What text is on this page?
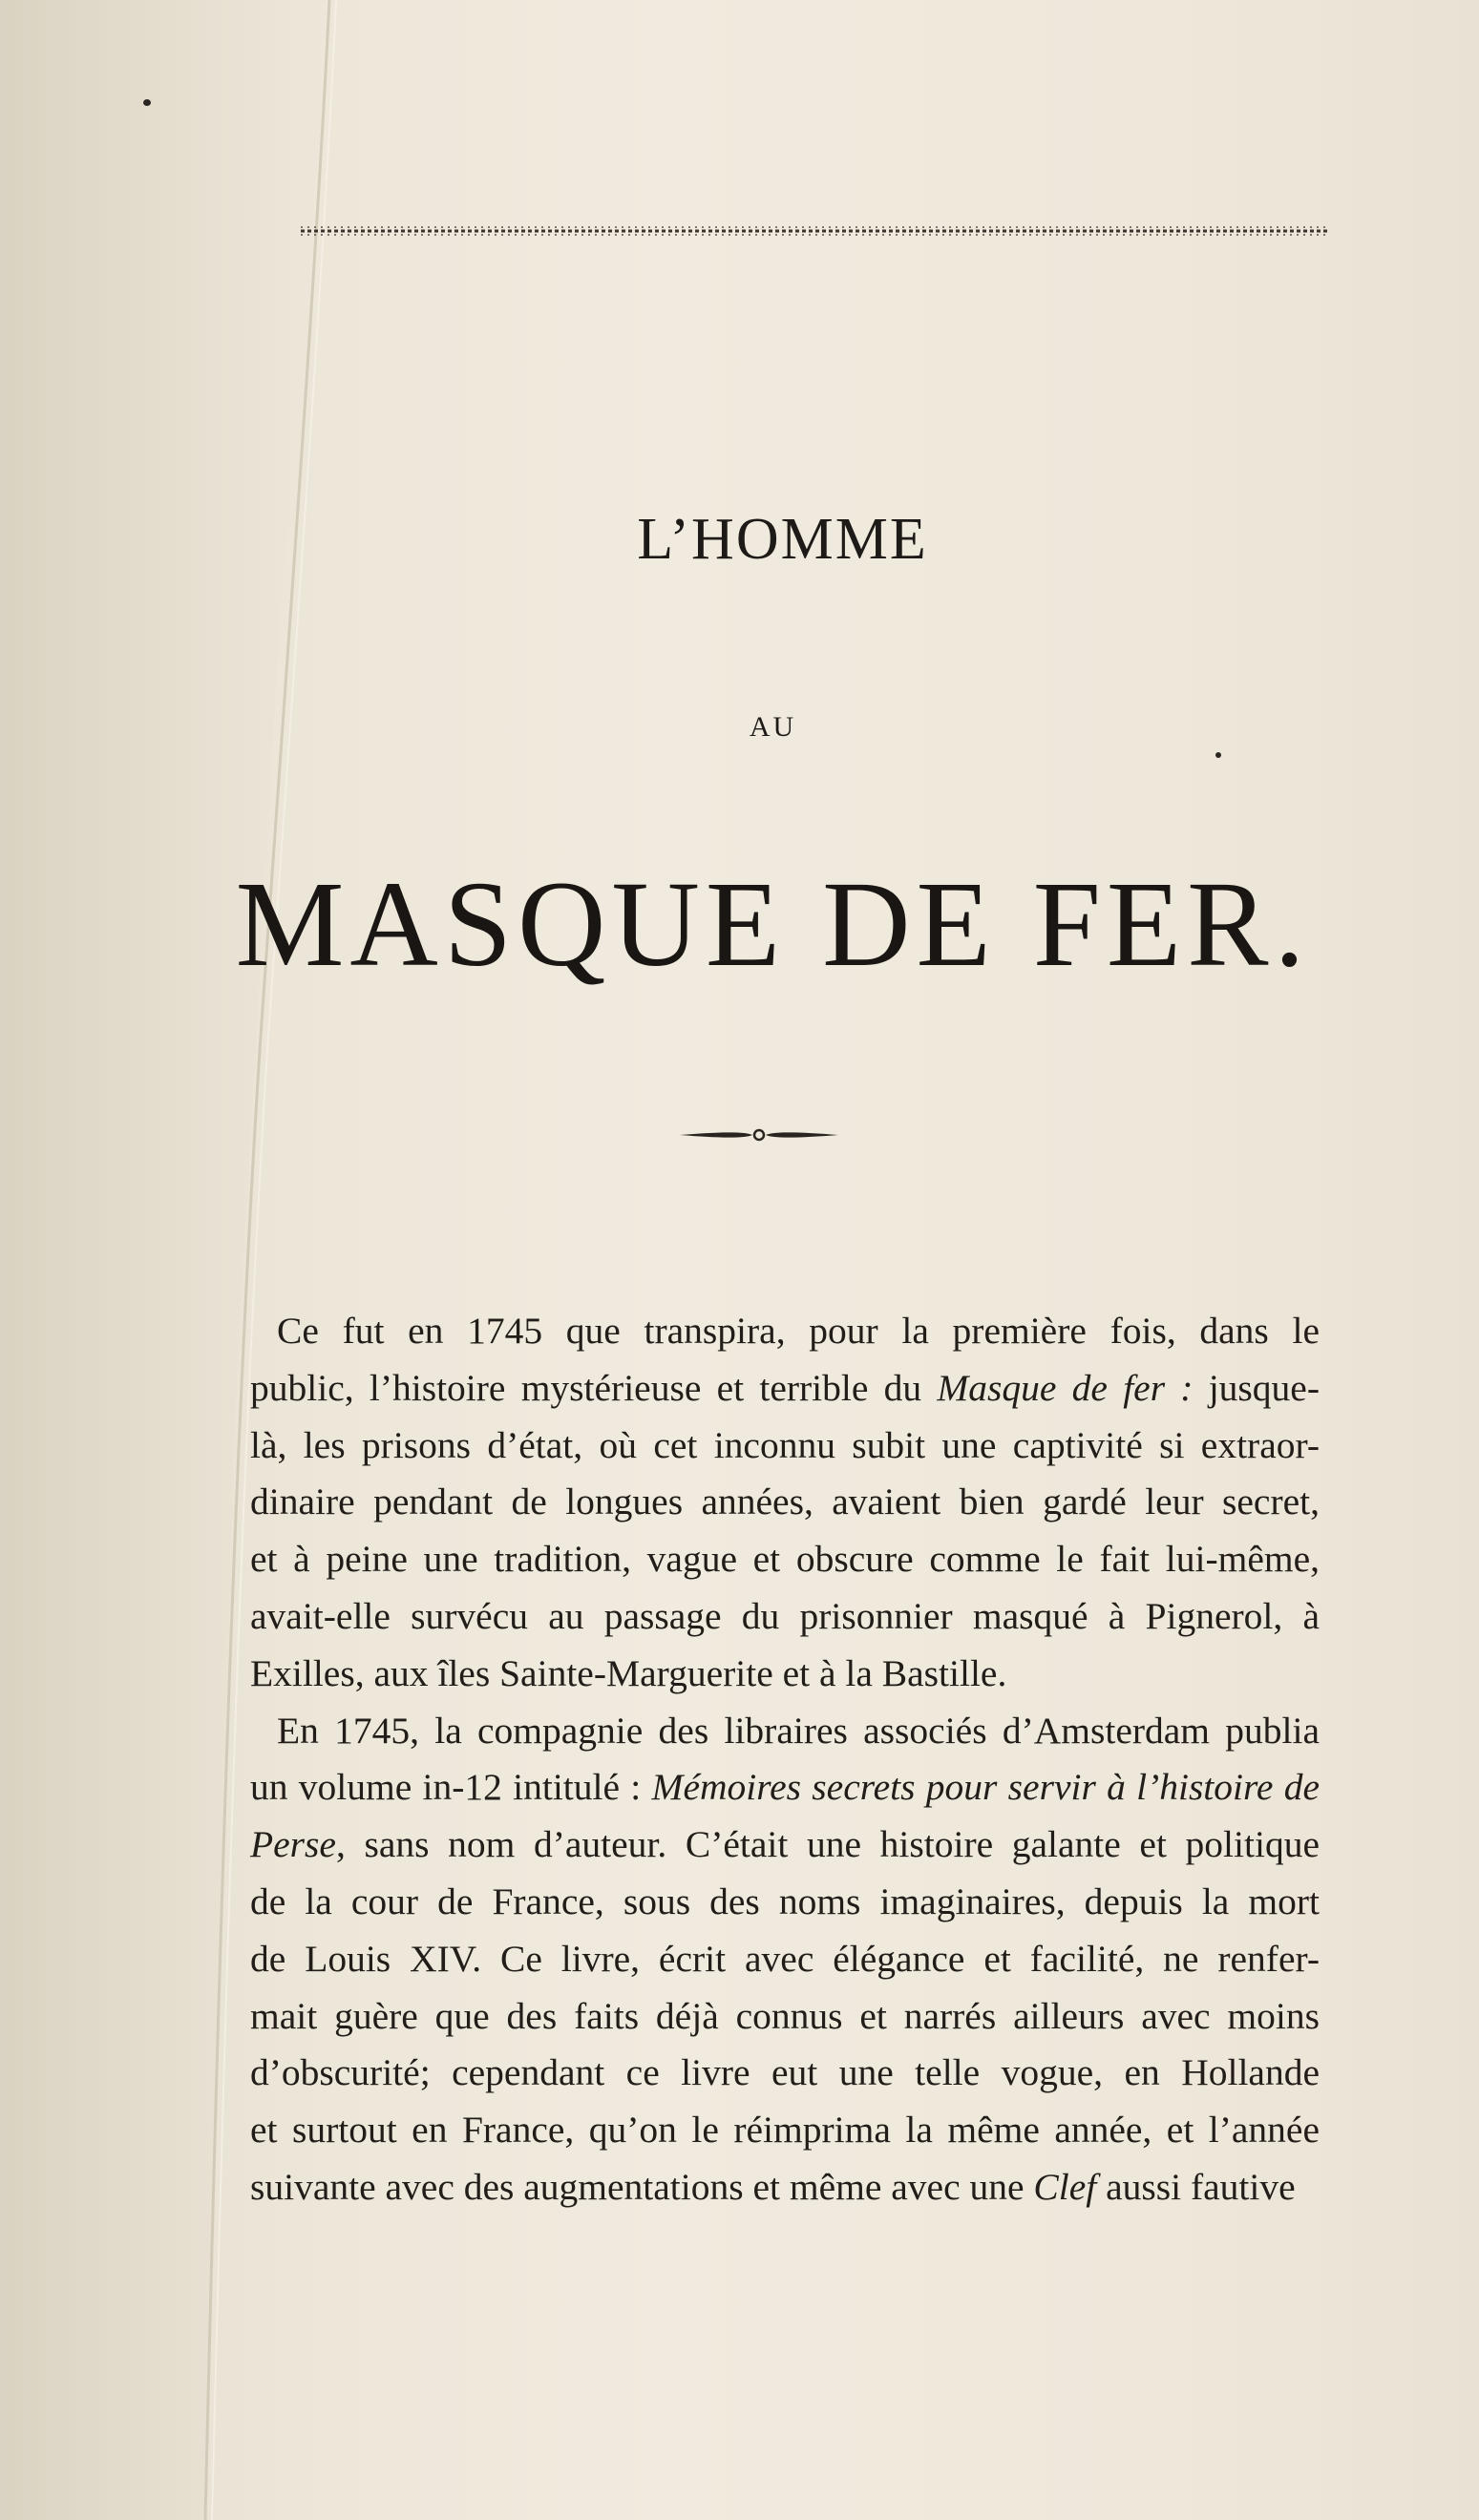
L’HOMME
AU
MASQUE DE FER.
Ce fut en 1745 que transpira, pour la première fois, dans le
public, l’histoire mystérieuse et terrible du Masque de fer : jusque-
là, les prisons d’état, où cet inconnu subit une captivité si extraor-
dinaire pendant de longues années, avaient bien gardé leur secret,
et à peine une tradition, vague et obscure comme le fait lui-même,
avait-elle survécu au passage du prisonnier masqué à Pignerol, à
Exilles, aux îles Sainte-Marguerite et à la Bastille.
En 1745, la compagnie des libraires associés d’Amsterdam publia
un volume in-12 intitulé : Mémoires secrets pour servir à l’histoire de
Perse, sans nom d’auteur. C’était une histoire galante et politique
de la cour de France, sous des noms imaginaires, depuis la mort
de Louis XIV. Ce livre, écrit avec élégance et facilité, ne renfer-
mait guère que des faits déjà connus et narrés ailleurs avec moins
d’obscurité; cependant ce livre eut une telle vogue, en Hollande
et surtout en France, qu’on le réimprima la même année, et l’année
suivante avec des augmentations et même avec une Clef aussi fautive
